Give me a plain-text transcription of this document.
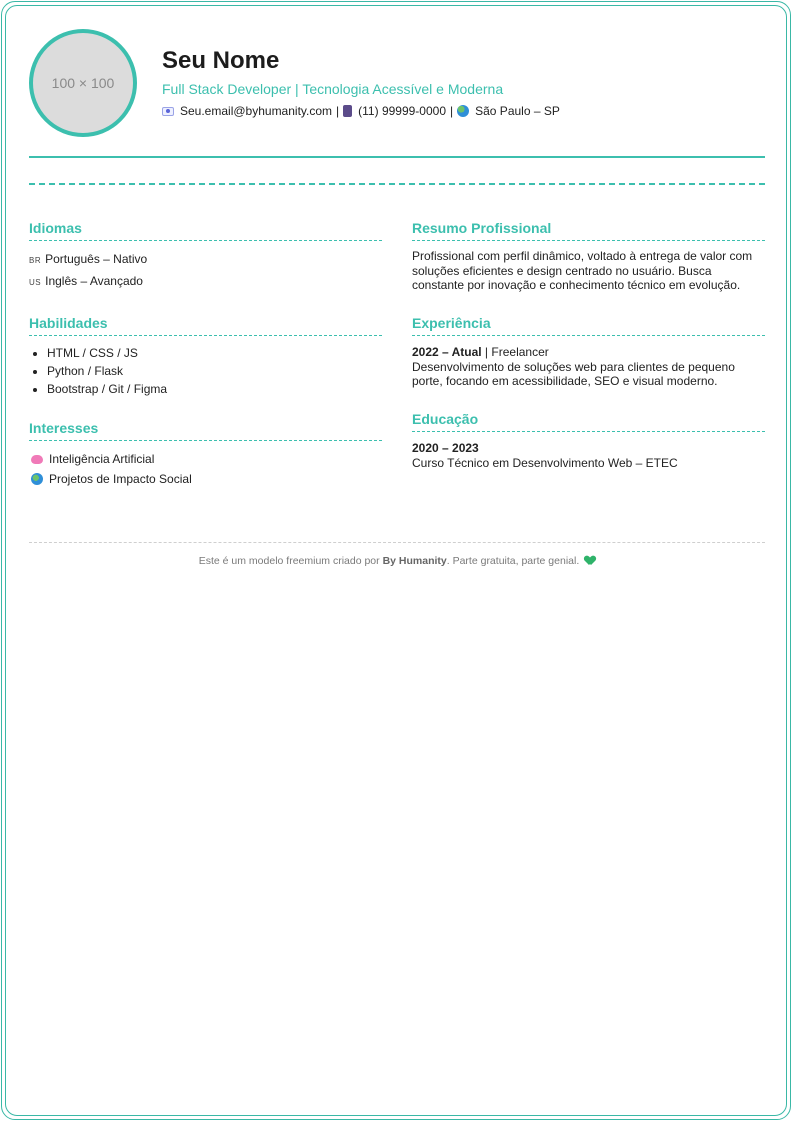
100 × 100
Seu Nome
Full Stack Developer | Tecnologia Acessível e Moderna
Seu.email@byhumanity.com | (11) 99999-0000 | São Paulo – SP
Idiomas
BR Português – Nativo
US Inglês – Avançado
Habilidades
• HTML / CSS / JS
• Python / Flask
• Bootstrap / Git / Figma
Interesses
Inteligência Artificial
Projetos de Impacto Social
Resumo Profissional

Profissional com perfil dinâmico, voltado à entrega de valor com soluções eficientes e design centrado no usuário. Busca constante por inovação e conhecimento técnico em evolução.

Experiência
2022 – Atual | Freelancer

Desenvolvimento de soluções web para clientes de pequeno porte, focando em acessibilidade, SEO e visual moderno.

Educação
2020 – 2023

Curso Técnico em Desenvolvimento Web – ETEC

Este é um modelo freemium criado por By Humanity. Parte gratuita, parte genial.
